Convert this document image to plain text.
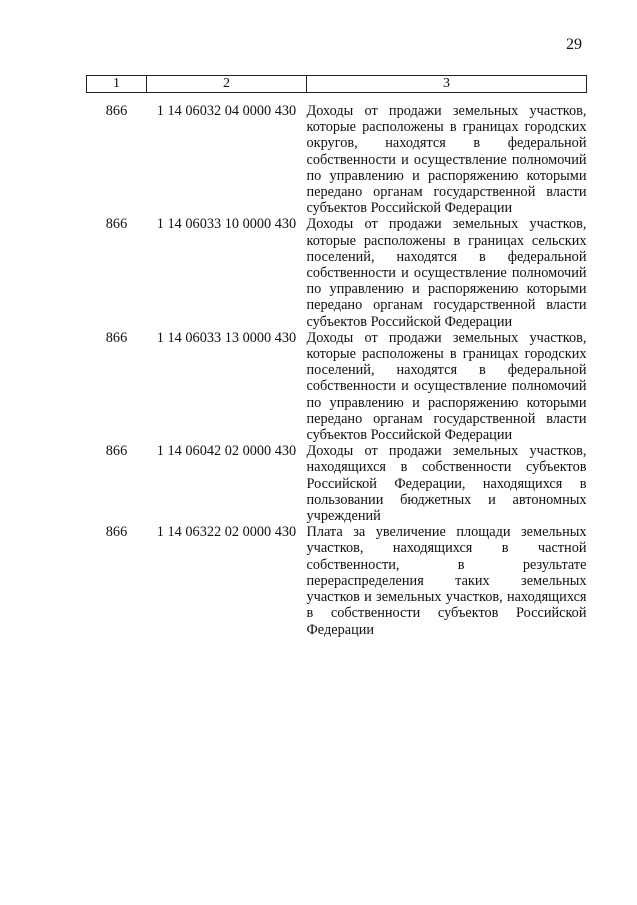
29
1	2	3

866	1 14 06032 04 0000 430	Доходы от продажи земельных участков, которые расположены в границах городских округов, находятся в федеральной собственности и осуществление полномочий по управлению и распоряжению которыми передано органам государственной власти субъектов Российской Федерации
866	1 14 06033 10 0000 430	Доходы от продажи земельных участков, которые расположены в границах сельских поселений, находятся в федеральной собственности и осуществление полномочий по управлению и распоряжению которыми передано органам государственной власти субъектов Российской Федерации
866	1 14 06033 13 0000 430	Доходы от продажи земельных участков, которые расположены в границах городских поселений, находятся в федеральной собственности и осуществление полномочий по управлению и распоряжению которыми передано органам государственной власти субъектов Российской Федерации
866	1 14 06042 02 0000 430	Доходы от продажи земельных участков, находящихся в собственности субъектов Российской Федерации, находящихся в пользовании бюджетных и автономных учреждений
866	1 14 06322 02 0000 430	Плата за увеличение площади земельных участков, находящихся в частной собственности, в результате перераспределения таких земельных участков и земельных участков, находящихся в собственности субъектов Российской Федерации
